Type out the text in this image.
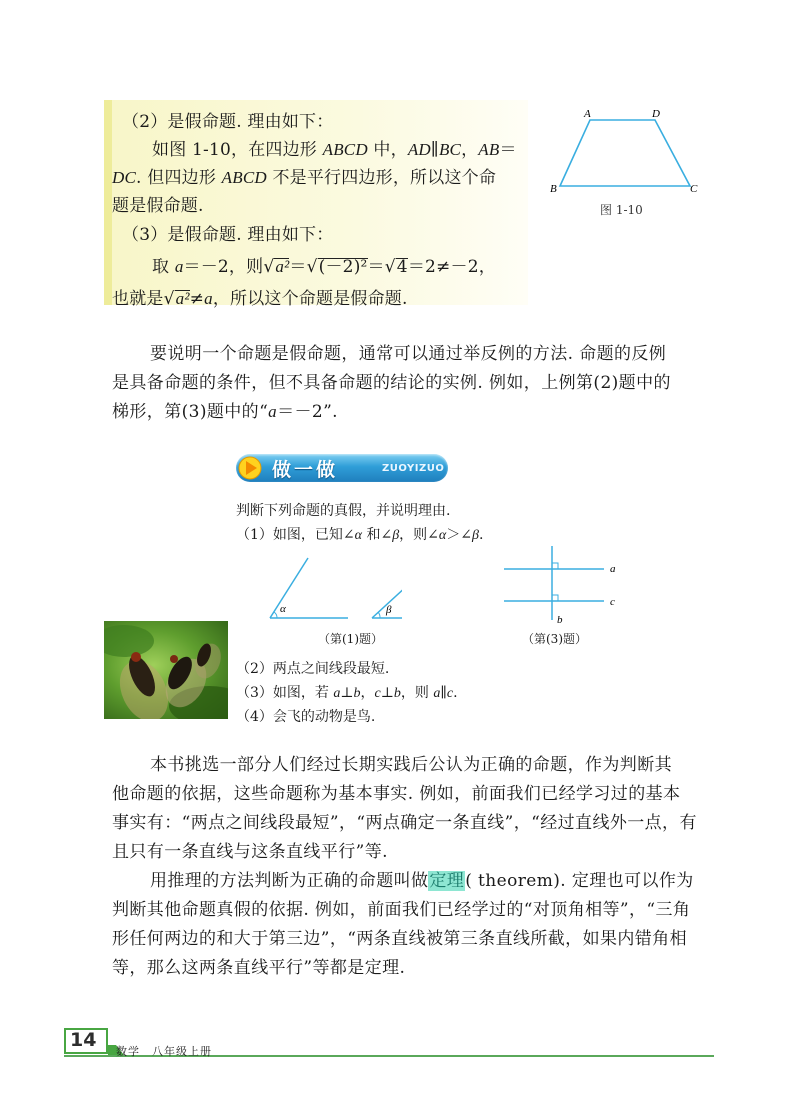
（2）是假命题. 理由如下：
如图 1-10，在四边形 ABCD 中，AD∥BC，AB＝
DC. 但四边形 ABCD 不是平行四边形，所以这个命
题是假命题.
（3）是假命题. 理由如下：
取 a＝－2，则√a²＝√(－2)²＝√4＝2≠－2，
也就是√a²≠a，所以这个命题是假命题.
A	D
B	C
图 1-10
要说明一个命题是假命题，通常可以通过举反例的方法. 命题的反例
是具备命题的条件，但不具备命题的结论的实例. 例如，上例第(2)题中的
梯形，第(3)题中的“a＝－2”.
做一做	ZUOYIZUO
判断下列命题的真假，并说明理由.
（1）如图，已知∠α 和∠β，则∠α＞∠β.
α	β
（第(1)题）
a
c
b
（第(3)题）
（2）两点之间线段最短.
（3）如图，若 a⊥b，c⊥b，则 a∥c.
（4）会飞的动物是鸟.
本书挑选一部分人们经过长期实践后公认为正确的命题，作为判断其
他命题的依据，这些命题称为基本事实. 例如，前面我们已经学习过的基本
事实有：“两点之间线段最短”，“两点确定一条直线”，“经过直线外一点，有
且只有一条直线与这条直线平行”等.
用推理的方法判断为正确的命题叫做定理( theorem). 定理也可以作为
判断其他命题真假的依据. 例如，前面我们已经学过的“对顶角相等”，“三角
形任何两边的和大于第三边”，“两条直线被第三条直线所截，如果内错角相
等，那么这两条直线平行”等都是定理.
14
数学　八年级上册
